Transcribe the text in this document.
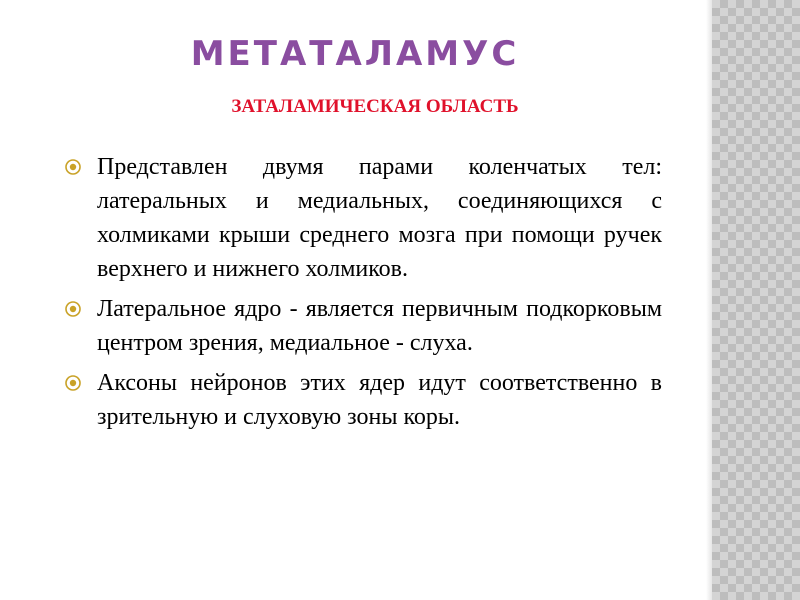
МЕТАТАЛАМУС
ЗАТАЛАМИЧЕСКАЯ ОБЛАСТЬ
Представлен двумя парами коленчатых тел: латеральных и медиальных, соединяющихся с холмиками крыши среднего мозга при помощи ручек верхнего и нижнего холмиков.
Латеральное ядро - является первичным подкорковым центром зрения, медиальное - слуха.
Аксоны нейронов этих ядер идут соответственно в зрительную и слуховую зоны коры.
